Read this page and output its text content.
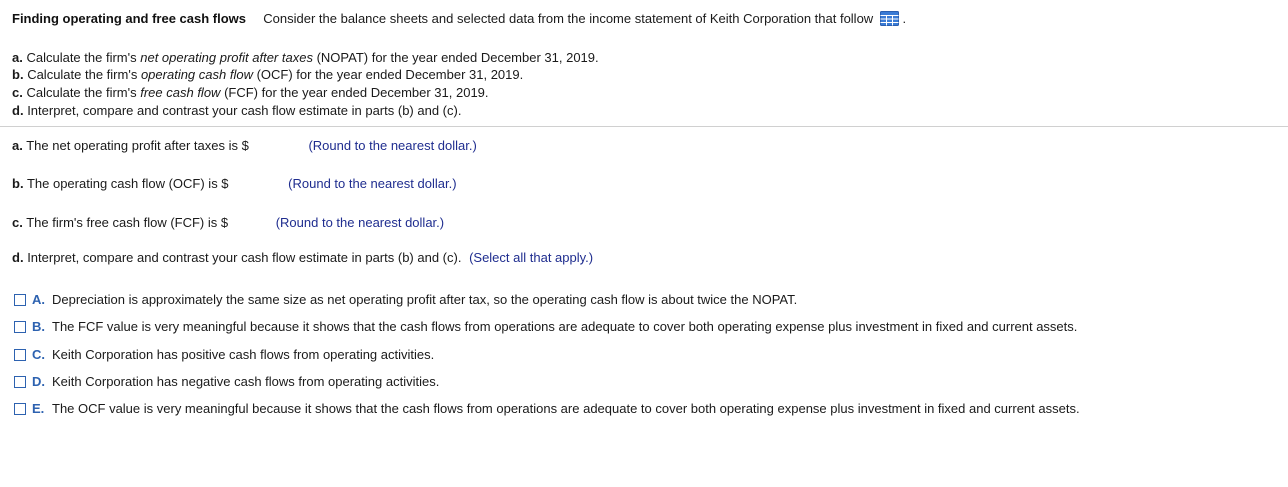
Finding operating and free cash flows Consider the balance sheets and selected data from the income statement of Keith Corporation that follow .
a. Calculate the firm's net operating profit after taxes (NOPAT) for the year ended December 31, 2019.
b. Calculate the firm's operating cash flow (OCF) for the year ended December 31, 2019.
c. Calculate the firm's free cash flow (FCF) for the year ended December 31, 2019.
d. Interpret, compare and contrast your cash flow estimate in parts (b) and (c).
a. The net operating profit after taxes is $	(Round to the nearest dollar.)
b. The operating cash flow (OCF) is $	(Round to the nearest dollar.)
c. The firm's free cash flow (FCF) is $	(Round to the nearest dollar.)
d. Interpret, compare and contrast your cash flow estimate in parts (b) and (c). (Select all that apply.)
A. Depreciation is approximately the same size as net operating profit after tax, so the operating cash flow is about twice the NOPAT.
B. The FCF value is very meaningful because it shows that the cash flows from operations are adequate to cover both operating expense plus investment in fixed and current assets.
C. Keith Corporation has positive cash flows from operating activities.
D. Keith Corporation has negative cash flows from operating activities.
E. The OCF value is very meaningful because it shows that the cash flows from operations are adequate to cover both operating expense plus investment in fixed and current assets.
